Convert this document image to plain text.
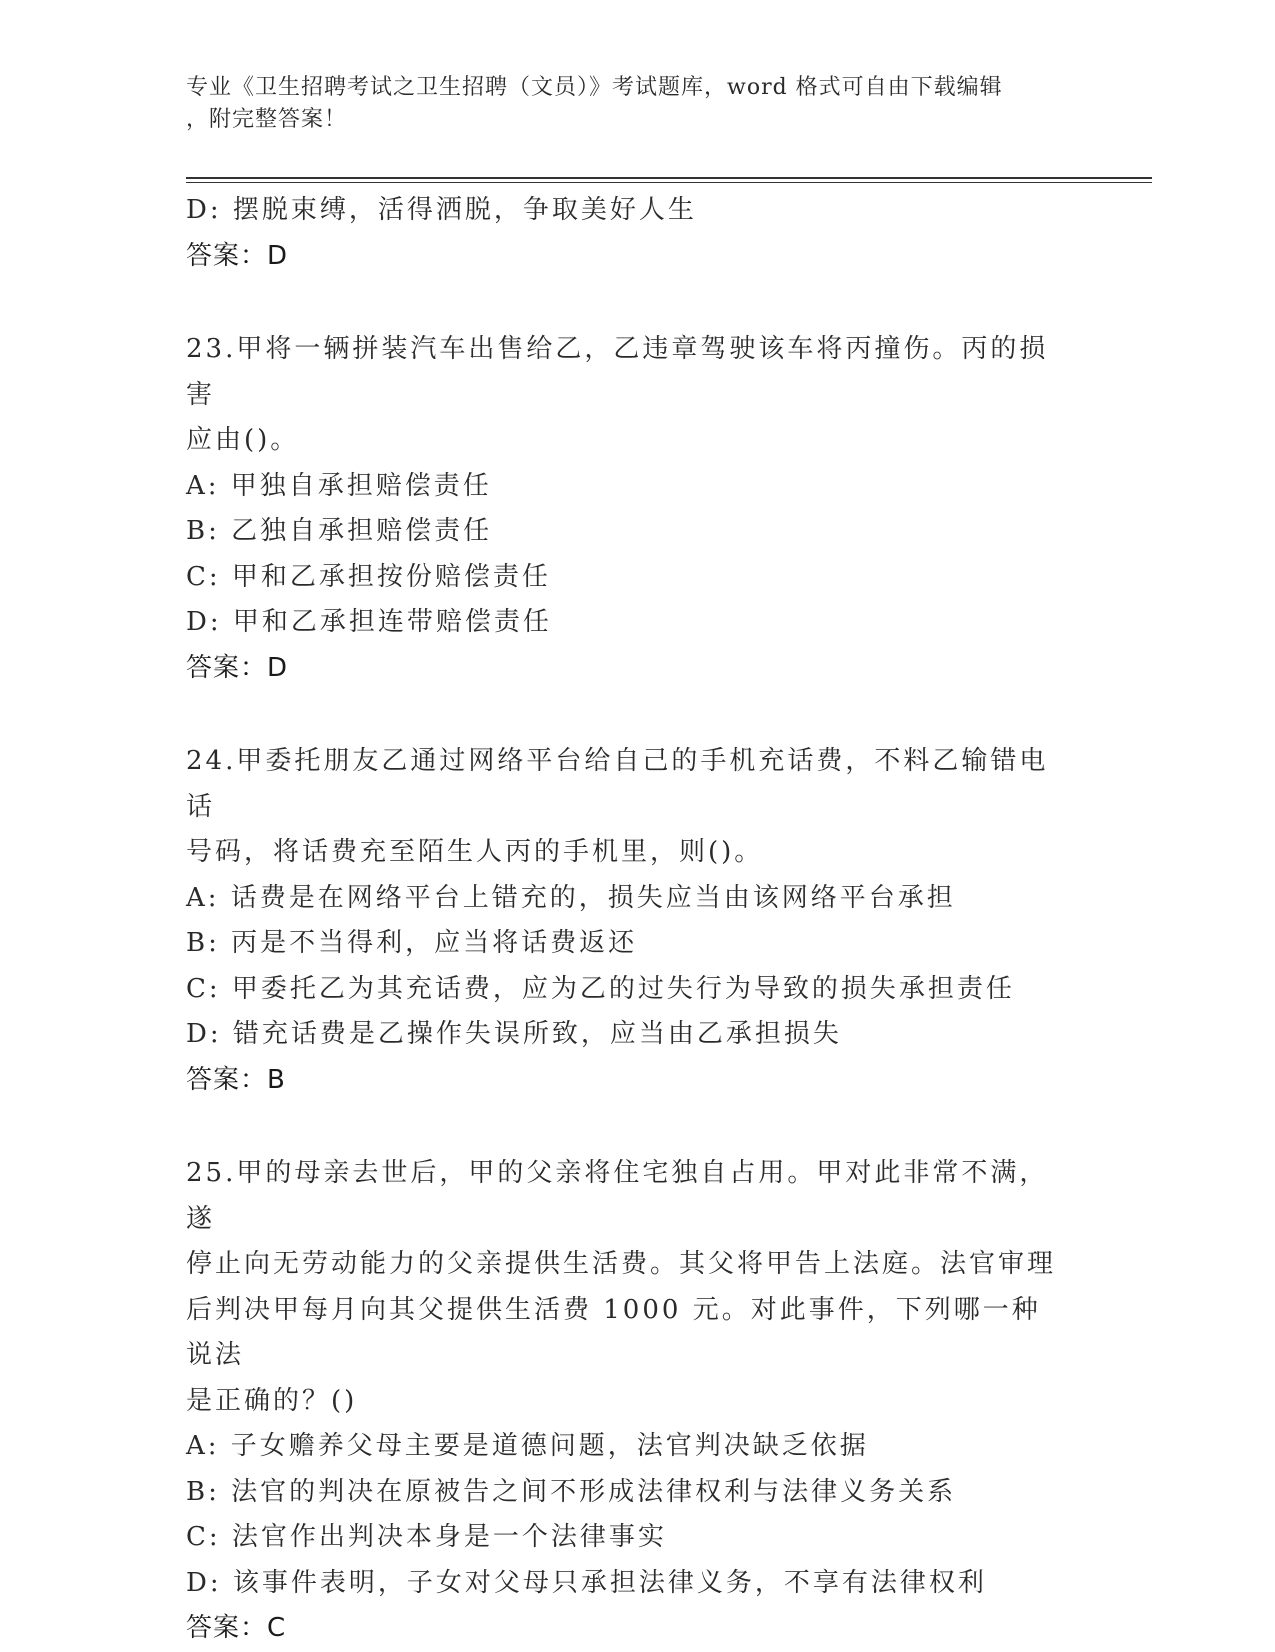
专业《卫生招聘考试之卫生招聘（文员）》考试题库，word 格式可自由下载编辑
，附完整答案！
D: 摆脱束缚，活得洒脱，争取美好人生
答案：D
23.甲将一辆拼装汽车出售给乙，乙违章驾驶该车将丙撞伤。丙的损害
应由()。
A: 甲独自承担赔偿责任
B: 乙独自承担赔偿责任
C: 甲和乙承担按份赔偿责任
D: 甲和乙承担连带赔偿责任
答案：D
24.甲委托朋友乙通过网络平台给自己的手机充话费，不料乙输错电话
号码，将话费充至陌生人丙的手机里，则()。
A: 话费是在网络平台上错充的，损失应当由该网络平台承担
B: 丙是不当得利，应当将话费返还
C: 甲委托乙为其充话费，应为乙的过失行为导致的损失承担责任
D: 错充话费是乙操作失误所致，应当由乙承担损失
答案：B
25.甲的母亲去世后，甲的父亲将住宅独自占用。甲对此非常不满，遂
停止向无劳动能力的父亲提供生活费。其父将甲告上法庭。法官审理
后判决甲每月向其父提供生活费 1000 元。对此事件，下列哪一种说法
是正确的？()
A: 子女赡养父母主要是道德问题，法官判决缺乏依据
B: 法官的判决在原被告之间不形成法律权利与法律义务关系
C: 法官作出判决本身是一个法律事实
D: 该事件表明，子女对父母只承担法律义务，不享有法律权利
答案：C
